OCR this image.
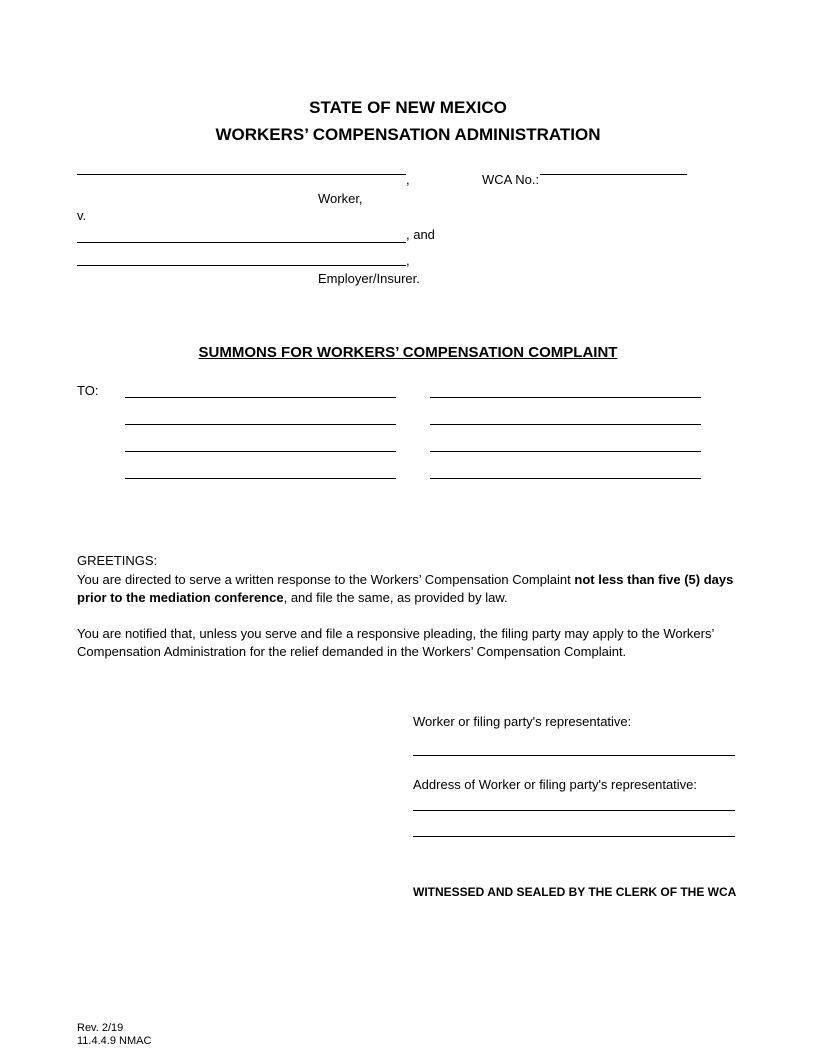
STATE OF NEW MEXICO
WORKERS’ COMPENSATION ADMINISTRATION
,	WCA No.:
Worker,
v.
, and
,
Employer/Insurer.
SUMMONS FOR WORKERS’ COMPENSATION COMPLAINT
TO:
GREETINGS:
You are directed to serve a written response to the Workers’ Compensation Complaint not less than five (5) days prior to the mediation conference, and file the same, as provided by law.
You are notified that, unless you serve and file a responsive pleading, the filing party may apply to the Workers’ Compensation Administration for the relief demanded in the Workers’ Compensation Complaint.
Worker or filing party's representative:
Address of Worker or filing party's representative:
WITNESSED AND SEALED BY THE CLERK OF THE WCA
Rev. 2/19
11.4.4.9 NMAC
